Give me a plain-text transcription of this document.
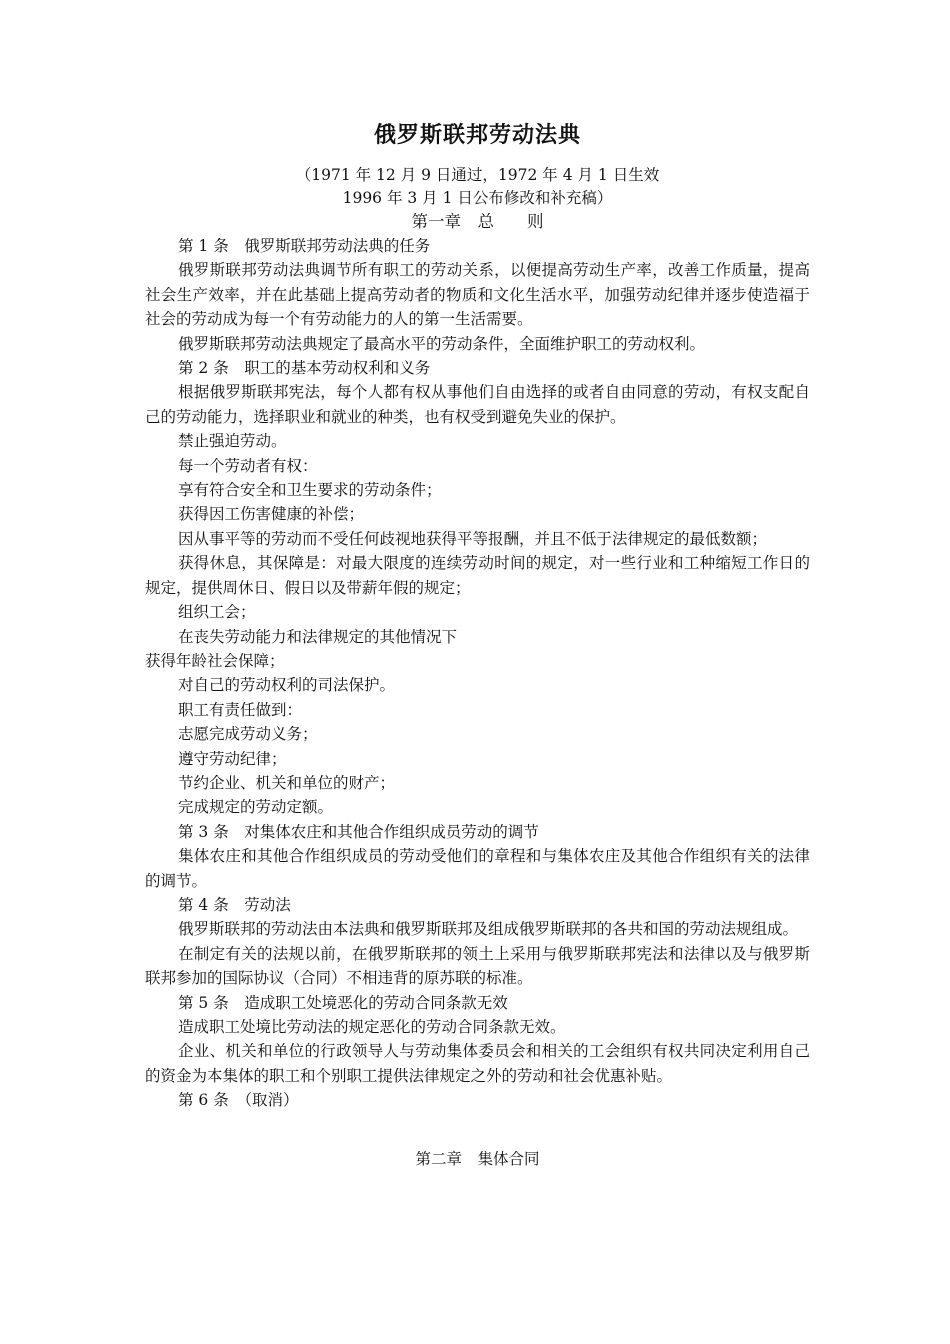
俄罗斯联邦劳动法典

（1971 年 12 月 9 日通过，1972 年 4 月 1 日生效

1996 年 3 月 1 日公布修改和补充稿）

第一章　总　　则

第 1 条　俄罗斯联邦劳动法典的任务

俄罗斯联邦劳动法典调节所有职工的劳动关系，以便提高劳动生产率，改善工作质量，提高社会生产效率，并在此基础上提高劳动者的物质和文化生活水平，加强劳动纪律并逐步使造福于社会的劳动成为每一个有劳动能力的人的第一生活需要。

俄罗斯联邦劳动法典规定了最高水平的劳动条件，全面维护职工的劳动权利。

第 2 条　职工的基本劳动权利和义务

根据俄罗斯联邦宪法，每个人都有权从事他们自由选择的或者自由同意的劳动，有权支配自己的劳动能力，选择职业和就业的种类，也有权受到避免失业的保护。

禁止强迫劳动。

每一个劳动者有权：

享有符合安全和卫生要求的劳动条件；

获得因工伤害健康的补偿；

因从事平等的劳动而不受任何歧视地获得平等报酬，并且不低于法律规定的最低数额；

获得休息，其保障是：对最大限度的连续劳动时间的规定，对一些行业和工种缩短工作日的规定，提供周休日、假日以及带薪年假的规定；

组织工会；

在丧失劳动能力和法律规定的其他情况下

获得年龄社会保障；

对自己的劳动权利的司法保护。

职工有责任做到：

志愿完成劳动义务；

遵守劳动纪律；

节约企业、机关和单位的财产；

完成规定的劳动定额。

第 3 条　对集体农庄和其他合作组织成员劳动的调节

集体农庄和其他合作组织成员的劳动受他们的章程和与集体农庄及其他合作组织有关的法律的调节。

第 4 条　劳动法

俄罗斯联邦的劳动法由本法典和俄罗斯联邦及组成俄罗斯联邦的各共和国的劳动法规组成。

在制定有关的法规以前，在俄罗斯联邦的领土上采用与俄罗斯联邦宪法和法律以及与俄罗斯联邦参加的国际协议（合同）不相违背的原苏联的标准。

第 5 条　造成职工处境恶化的劳动合同条款无效

造成职工处境比劳动法的规定恶化的劳动合同条款无效。

企业、机关和单位的行政领导人与劳动集体委员会和相关的工会组织有权共同决定利用自己的资金为本集体的职工和个别职工提供法律规定之外的劳动和社会优惠补贴。

第 6 条　（取消）

第二章　集体合同
